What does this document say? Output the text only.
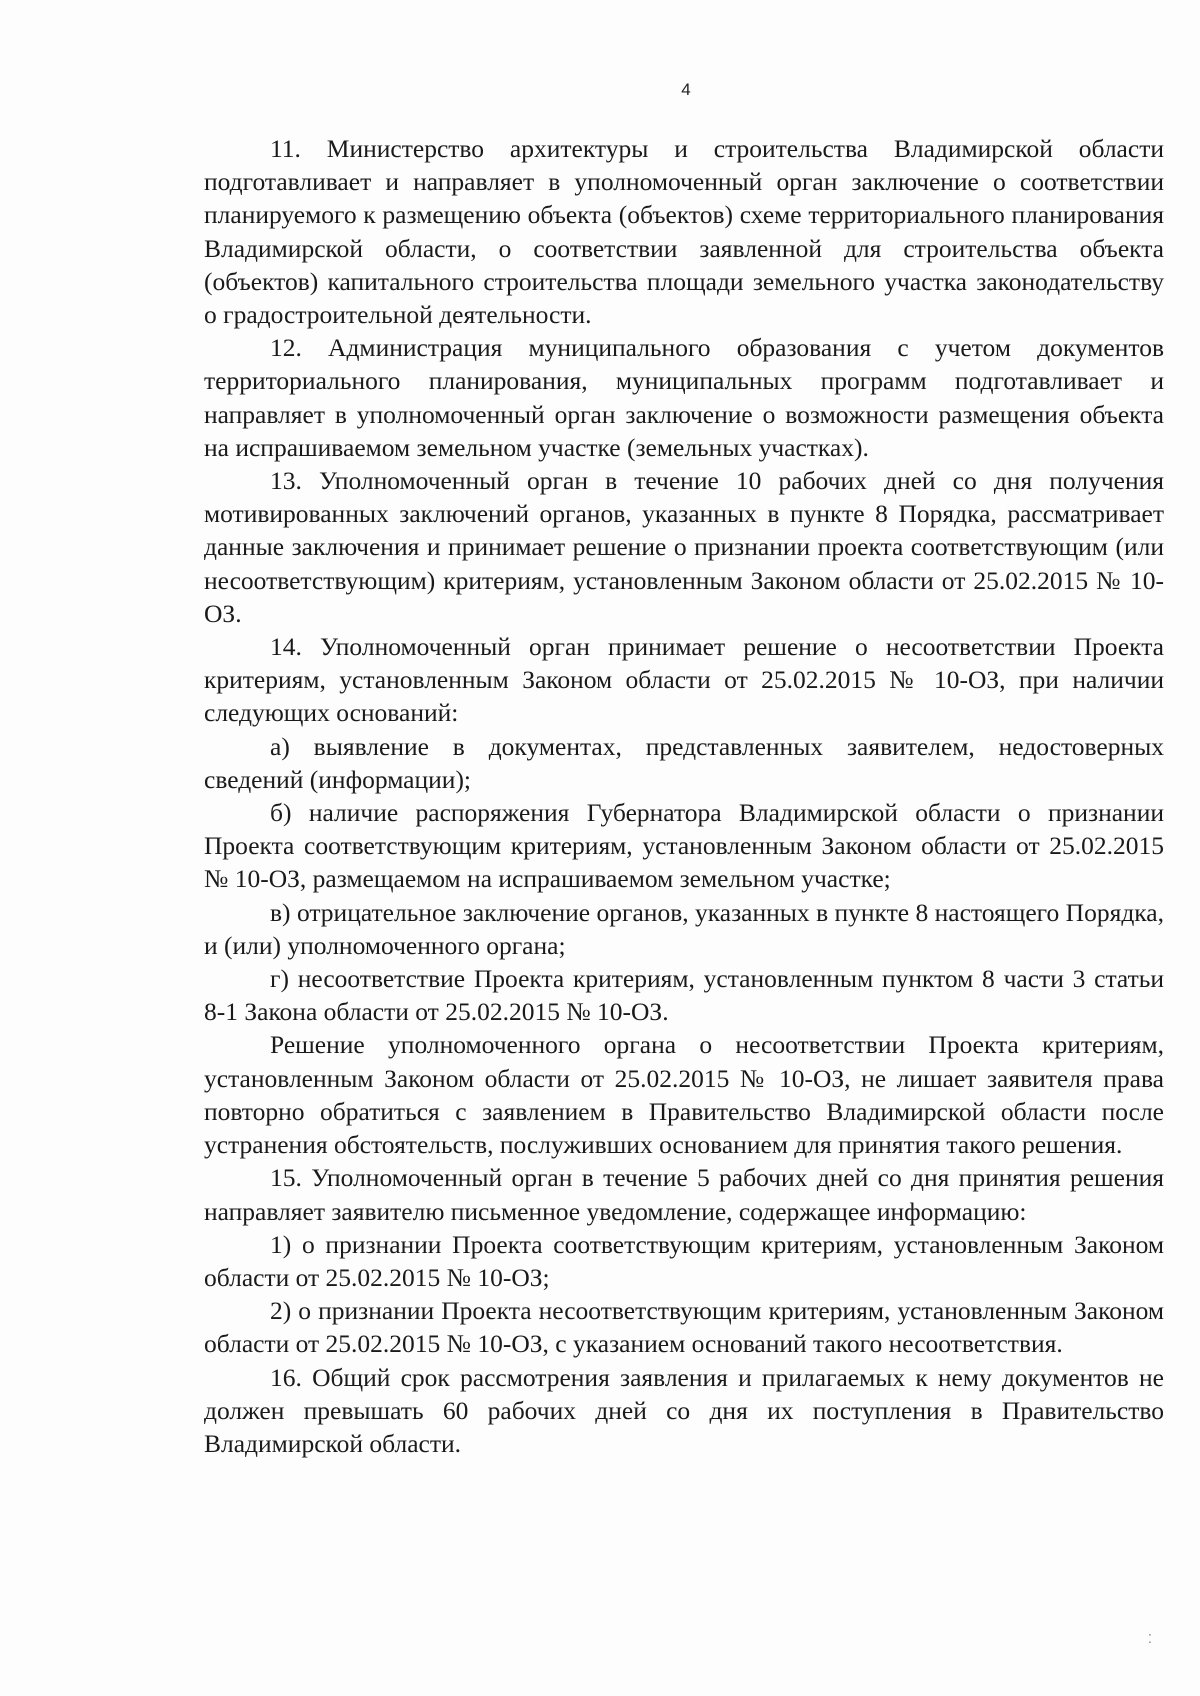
4

11. Министерство архитектуры и строительства Владимирской области подготавливает и направляет в уполномоченный орган заключение о соответствии планируемого к размещению объекта (объектов) схеме территориального планирования Владимирской области, о соответствии заявленной для строительства объекта (объектов) капитального строительства площади земельного участка законодательству о градостроительной деятельности.

12. Администрация муниципального образования с учетом документов территориального планирования, муниципальных программ подготавливает и направляет в уполномоченный орган заключение о возможности размещения объекта на испрашиваемом земельном участке (земельных участках).

13. Уполномоченный орган в течение 10 рабочих дней со дня получения мотивированных заключений органов, указанных в пункте 8 Порядка, рассматривает данные заключения и принимает решение о признании проекта соответствующим (или несоответствующим) критериям, установленным Законом области от 25.02.2015 № 10-ОЗ.

14. Уполномоченный орган принимает решение о несоответствии Проекта критериям, установленным Законом области от 25.02.2015 № 10-ОЗ, при наличии следующих оснований:

а) выявление в документах, представленных заявителем, недостоверных сведений (информации);

б) наличие распоряжения Губернатора Владимирской области о признании Проекта соответствующим критериям, установленным Законом области от 25.02.2015 № 10-ОЗ, размещаемом на испрашиваемом земельном участке;

в) отрицательное заключение органов, указанных в пункте 8 настоящего Порядка, и (или) уполномоченного органа;

г) несоответствие Проекта критериям, установленным пунктом 8 части 3 статьи 8-1 Закона области от 25.02.2015 № 10-ОЗ.

Решение уполномоченного органа о несоответствии Проекта критериям, установленным Законом области от 25.02.2015 № 10-ОЗ, не лишает заявителя права повторно обратиться с заявлением в Правительство Владимирской области после устранения обстоятельств, послуживших основанием для принятия такого решения.

15. Уполномоченный орган в течение 5 рабочих дней со дня принятия решения направляет заявителю письменное уведомление, содержащее информацию:

1) о признании Проекта соответствующим критериям, установленным Законом области от 25.02.2015 № 10-ОЗ;

2) о признании Проекта несоответствующим критериям, установленным Законом области от 25.02.2015 № 10-ОЗ, с указанием оснований такого несоответствия.

16. Общий срок рассмотрения заявления и прилагаемых к нему документов не должен превышать 60 рабочих дней со дня их поступления в Правительство Владимирской области.

⁚
